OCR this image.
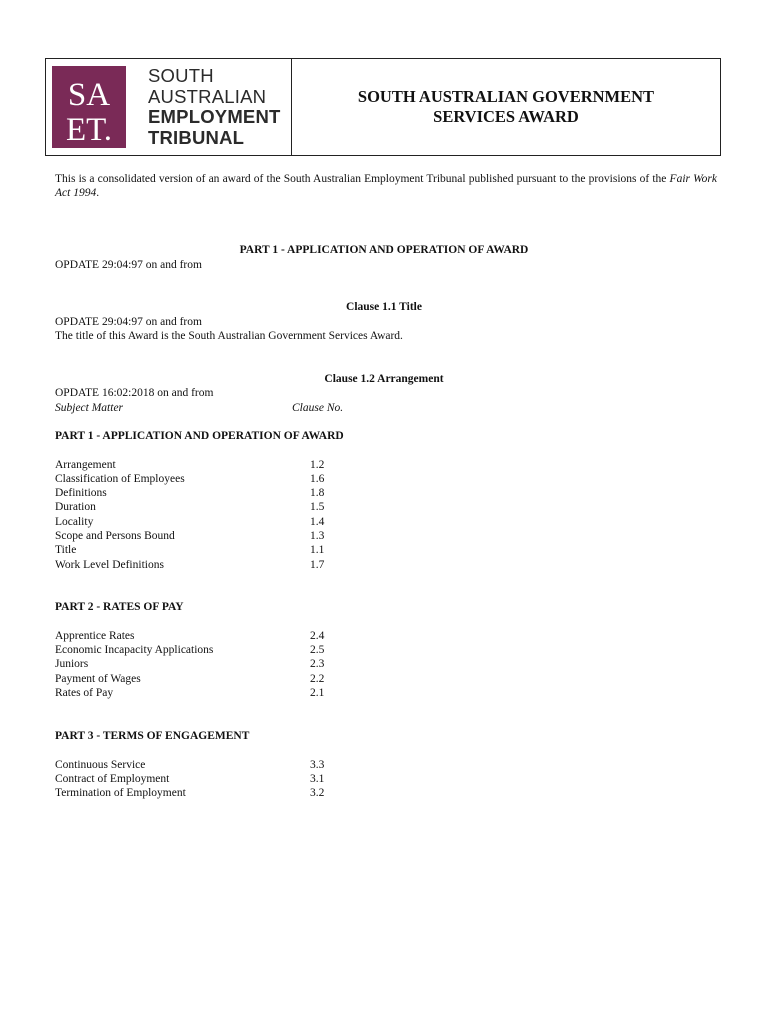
SA
ET.
SOUTH
AUSTRALIAN
EMPLOYMENT
TRIBUNAL
SOUTH AUSTRALIAN GOVERNMENT
SERVICES AWARD
This is a consolidated version of an award of the South Australian Employment Tribunal published pursuant to the provisions of the Fair Work Act 1994.
PART 1 - APPLICATION AND OPERATION OF AWARD
OPDATE 29:04:97 on and from
Clause 1.1 Title
OPDATE 29:04:97 on and from
The title of this Award is the South Australian Government Services Award.
Clause 1.2 Arrangement
OPDATE 16:02:2018 on and from
Subject Matter	Clause No.
PART 1 - APPLICATION AND OPERATION OF AWARD
Arrangement	1.2
Classification of Employees	1.6
Definitions	1.8
Duration	1.5
Locality	1.4
Scope and Persons Bound	1.3
Title	1.1
Work Level Definitions	1.7
PART 2 - RATES OF PAY
Apprentice Rates	2.4
Economic Incapacity Applications	2.5
Juniors	2.3
Payment of Wages	2.2
Rates of Pay	2.1
PART 3 - TERMS OF ENGAGEMENT
Continuous Service	3.3
Contract of Employment	3.1
Termination of Employment	3.2
